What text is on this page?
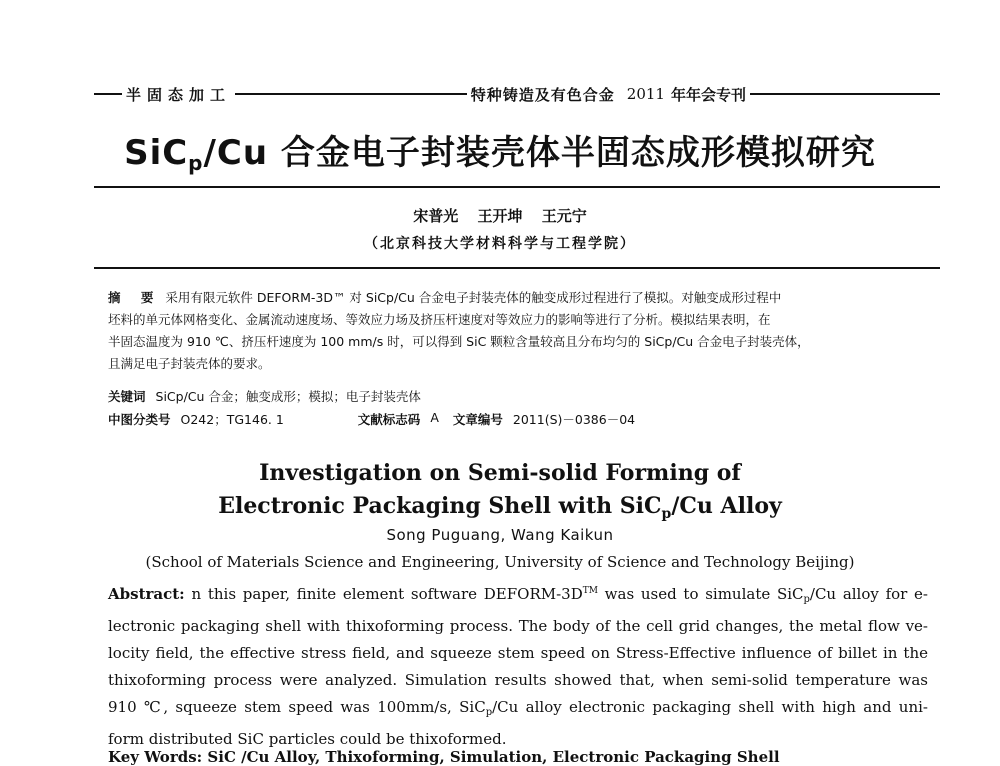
半固态加工	特种铸造及有色合金 2011 年年会专刊
SiC$_p$/Cu 合金电子封装壳体半固态成形模拟研究
宋普光 王开坤 王元宁
（北京科技大学材料科学与工程学院）
摘 要 采用有限元软件 DEFORM-3D™ 对 SiCp/Cu 合金电子封装壳体的触变成形过程进行了模拟。对触变成形过程中
坯料的单元体网格变化、金属流动速度场、等效应力场及挤压杆速度对等效应力的影响等进行了分析。模拟结果表明，在
半固态温度为 910 ℃、挤压杆速度为 100 mm/s 时，可以得到 SiC 颗粒含量较高且分布均匀的 SiCp/Cu 合金电子封装壳体，
且满足电子封装壳体的要求。
关键词 SiCp/Cu 合金；触变成形；模拟；电子封装壳体
中图分类号 O242；TG146. 1	文献标志码 A 文章编号 2011(S)－0386－04
Investigation on Semi-solid Forming of
Electronic Packaging Shell with SiC$_p$/Cu Alloy
Song Puguang, Wang Kaikun
(School of Materials Science and Engineering, University of Science and Technology Beijing)
Abstract: n this paper, finite element software DEFORM-3D™ was used to simulate SiC$_p$/Cu alloy for e-
lectronic packaging shell with thixoforming process. The body of the cell grid changes, the metal flow ve-
locity field, the effective stress field, and squeeze stem speed on Stress-Effective influence of billet in the
thixoforming process were analyzed. Simulation results showed that, when semi-solid temperature was
910 ℃, squeeze stem speed was 100mm/s, SiC$_p$/Cu alloy electronic packaging shell with high and uni-
form distributed SiC particles could be thixoformed.
Key Words: SiC /Cu Alloy, Thixoforming, Simulation, Electronic Packaging Shell
